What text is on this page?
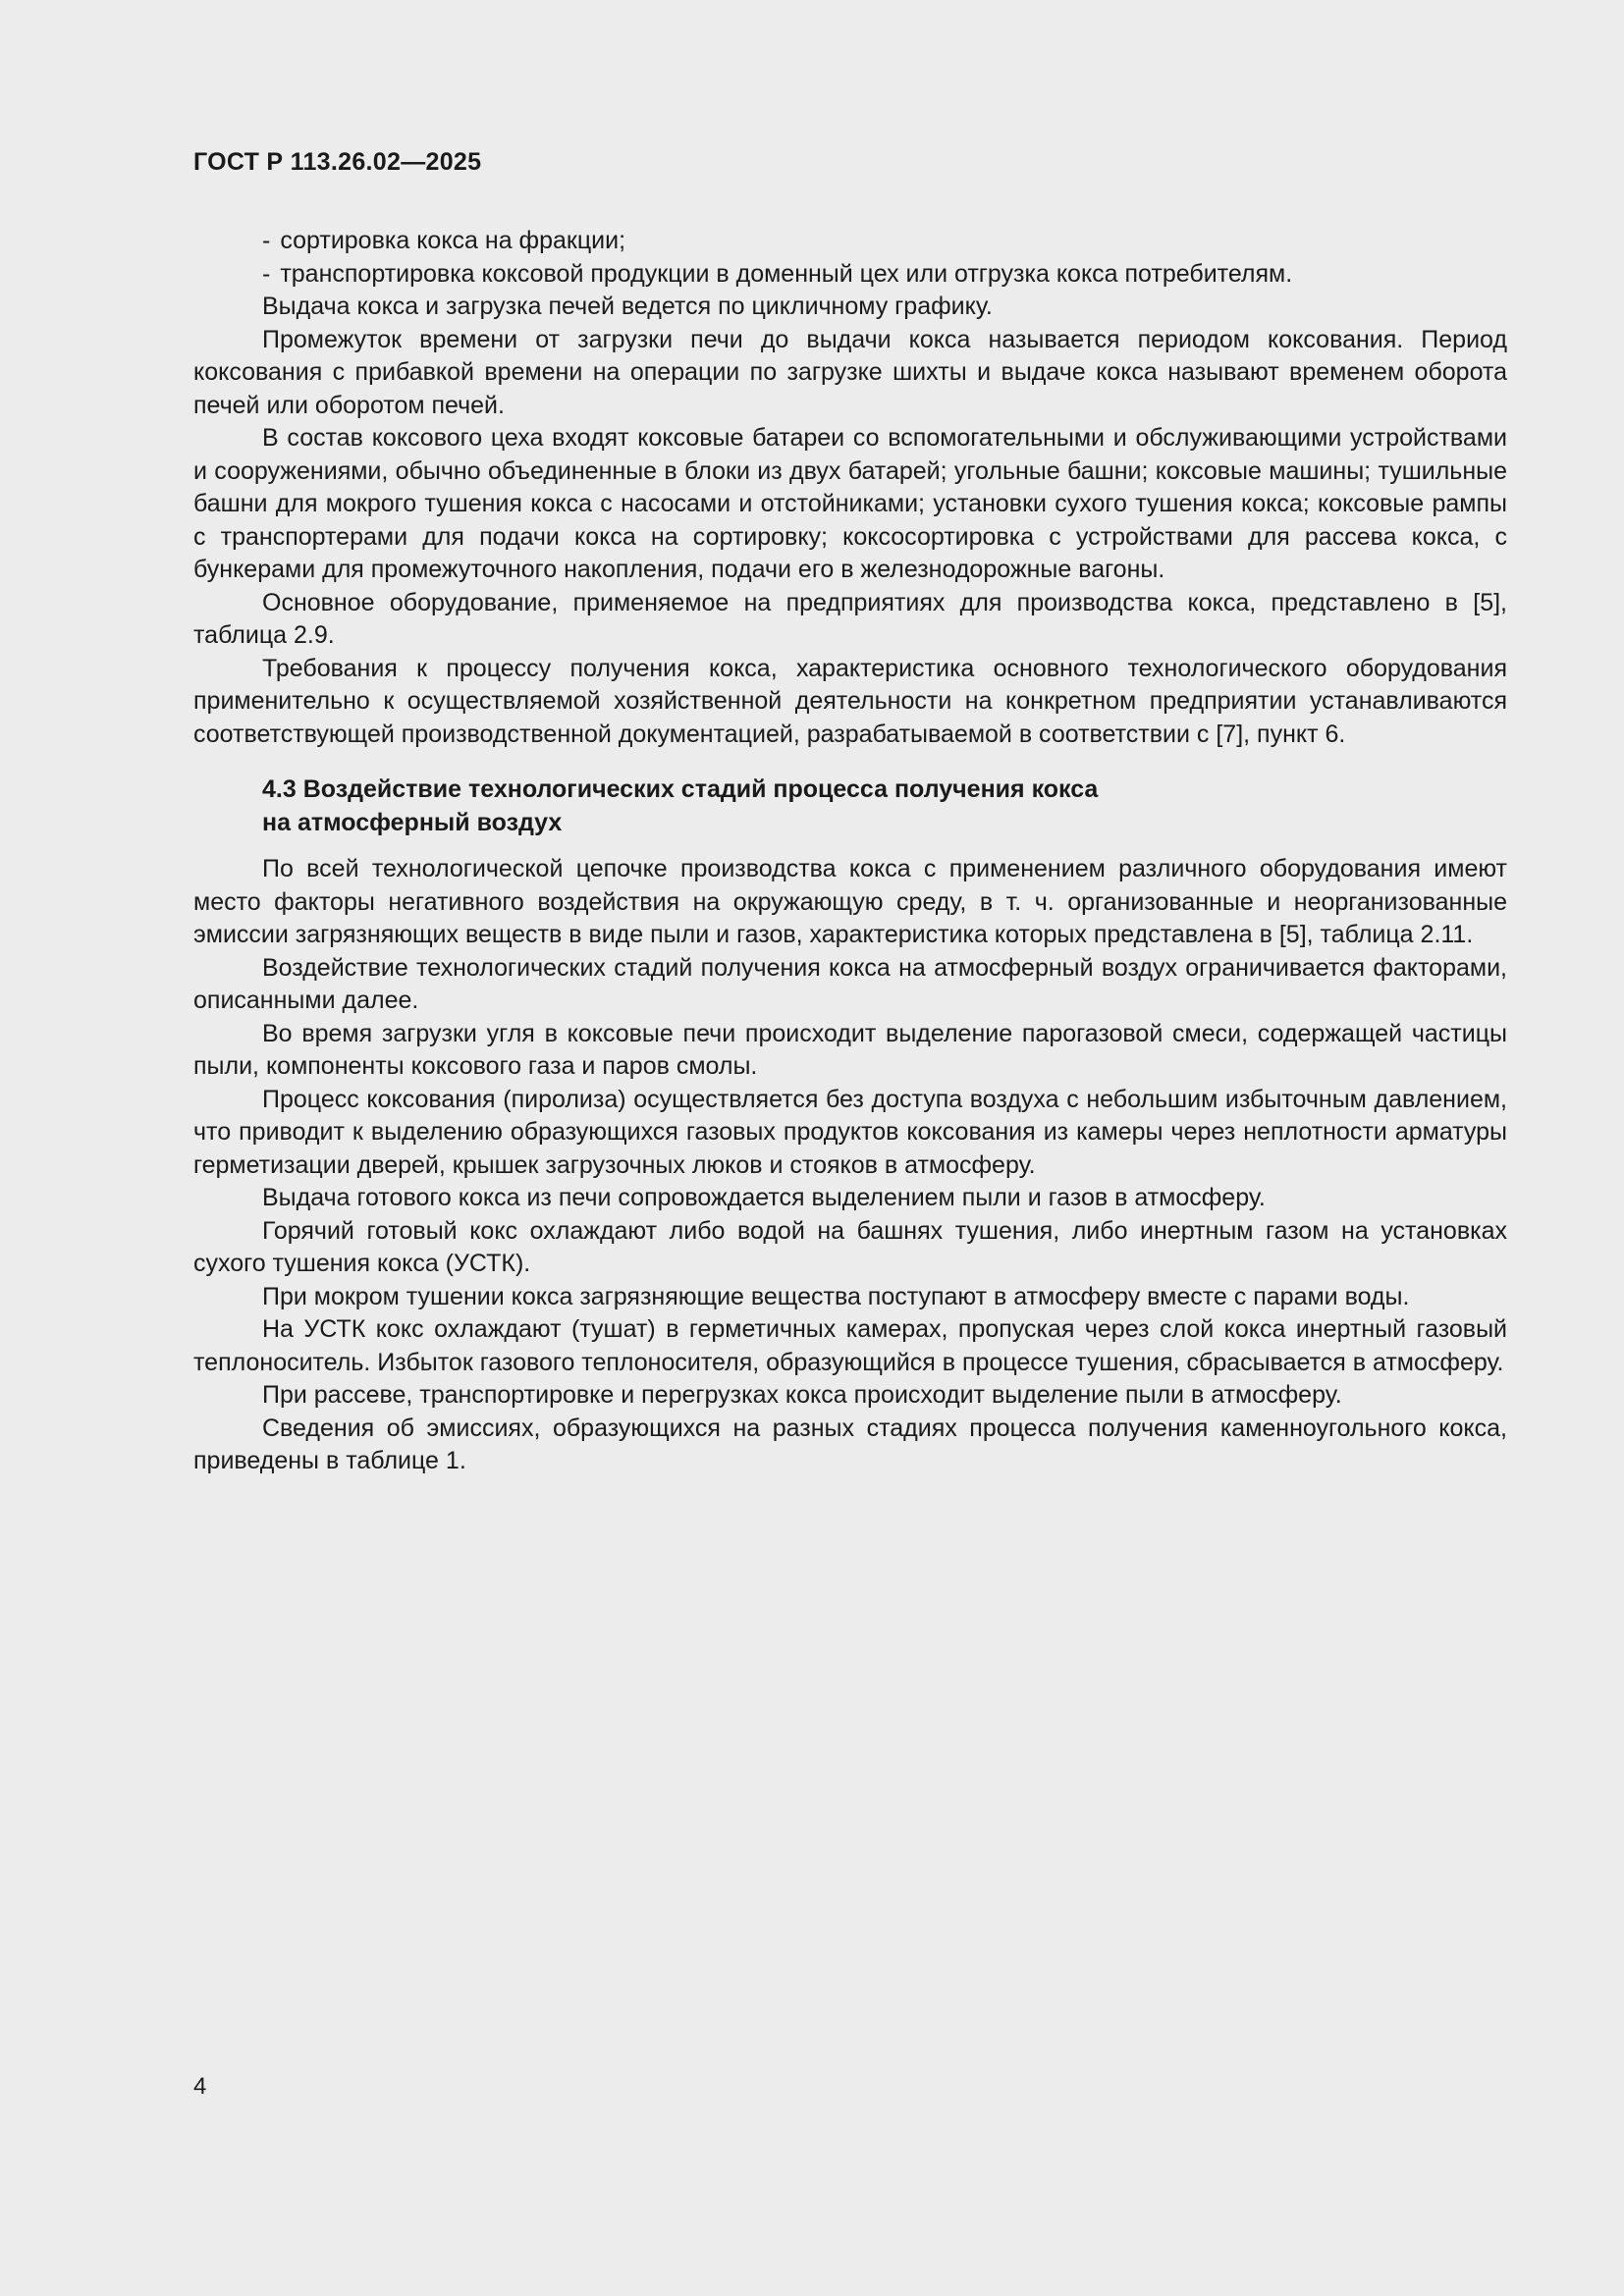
ГОСТ Р 113.26.02—2025
- сортировка кокса на фракции;
- транспортировка коксовой продукции в доменный цех или отгрузка кокса потребителям.

Выдача кокса и загрузка печей ведется по цикличному графику.

Промежуток времени от загрузки печи до выдачи кокса называется периодом коксования. Период коксования с прибавкой времени на операции по загрузке шихты и выдаче кокса называют временем оборота печей или оборотом печей.

В состав коксового цеха входят коксовые батареи со вспомогательными и обслуживающими устройствами и сооружениями, обычно объединенные в блоки из двух батарей; угольные башни; коксовые машины; тушильные башни для мокрого тушения кокса с насосами и отстойниками; установки сухого тушения кокса; коксовые рампы с транспортерами для подачи кокса на сортировку; коксосортировка с устройствами для рассева кокса, с бункерами для промежуточного накопления, подачи его в железнодорожные вагоны.

Основное оборудование, применяемое на предприятиях для производства кокса, представлено в [5], таблица 2.9.

Требования к процессу получения кокса, характеристика основного технологического оборудования применительно к осуществляемой хозяйственной деятельности на конкретном предприятии устанавливаются соответствующей производственной документацией, разрабатываемой в соответствии с [7], пункт 6.

4.3 Воздействие технологических стадий процесса получения кокса
на атмосферный воздух

По всей технологической цепочке производства кокса с применением различного оборудования имеют место факторы негативного воздействия на окружающую среду, в т. ч. организованные и неорганизованные эмиссии загрязняющих веществ в виде пыли и газов, характеристика которых представлена в [5], таблица 2.11.

Воздействие технологических стадий получения кокса на атмосферный воздух ограничивается факторами, описанными далее.

Во время загрузки угля в коксовые печи происходит выделение парогазовой смеси, содержащей частицы пыли, компоненты коксового газа и паров смолы.

Процесс коксования (пиролиза) осуществляется без доступа воздуха с небольшим избыточным давлением, что приводит к выделению образующихся газовых продуктов коксования из камеры через неплотности арматуры герметизации дверей, крышек загрузочных люков и стояков в атмосферу.

Выдача готового кокса из печи сопровождается выделением пыли и газов в атмосферу.

Горячий готовый кокс охлаждают либо водой на башнях тушения, либо инертным газом на установках сухого тушения кокса (УСТК).

При мокром тушении кокса загрязняющие вещества поступают в атмосферу вместе с парами воды.

На УСТК кокс охлаждают (тушат) в герметичных камерах, пропуская через слой кокса инертный газовый теплоноситель. Избыток газового теплоносителя, образующийся в процессе тушения, сбрасывается в атмосферу.

При рассеве, транспортировке и перегрузках кокса происходит выделение пыли в атмосферу.

Сведения об эмиссиях, образующихся на разных стадиях процесса получения каменноугольного кокса, приведены в таблице 1.

4
